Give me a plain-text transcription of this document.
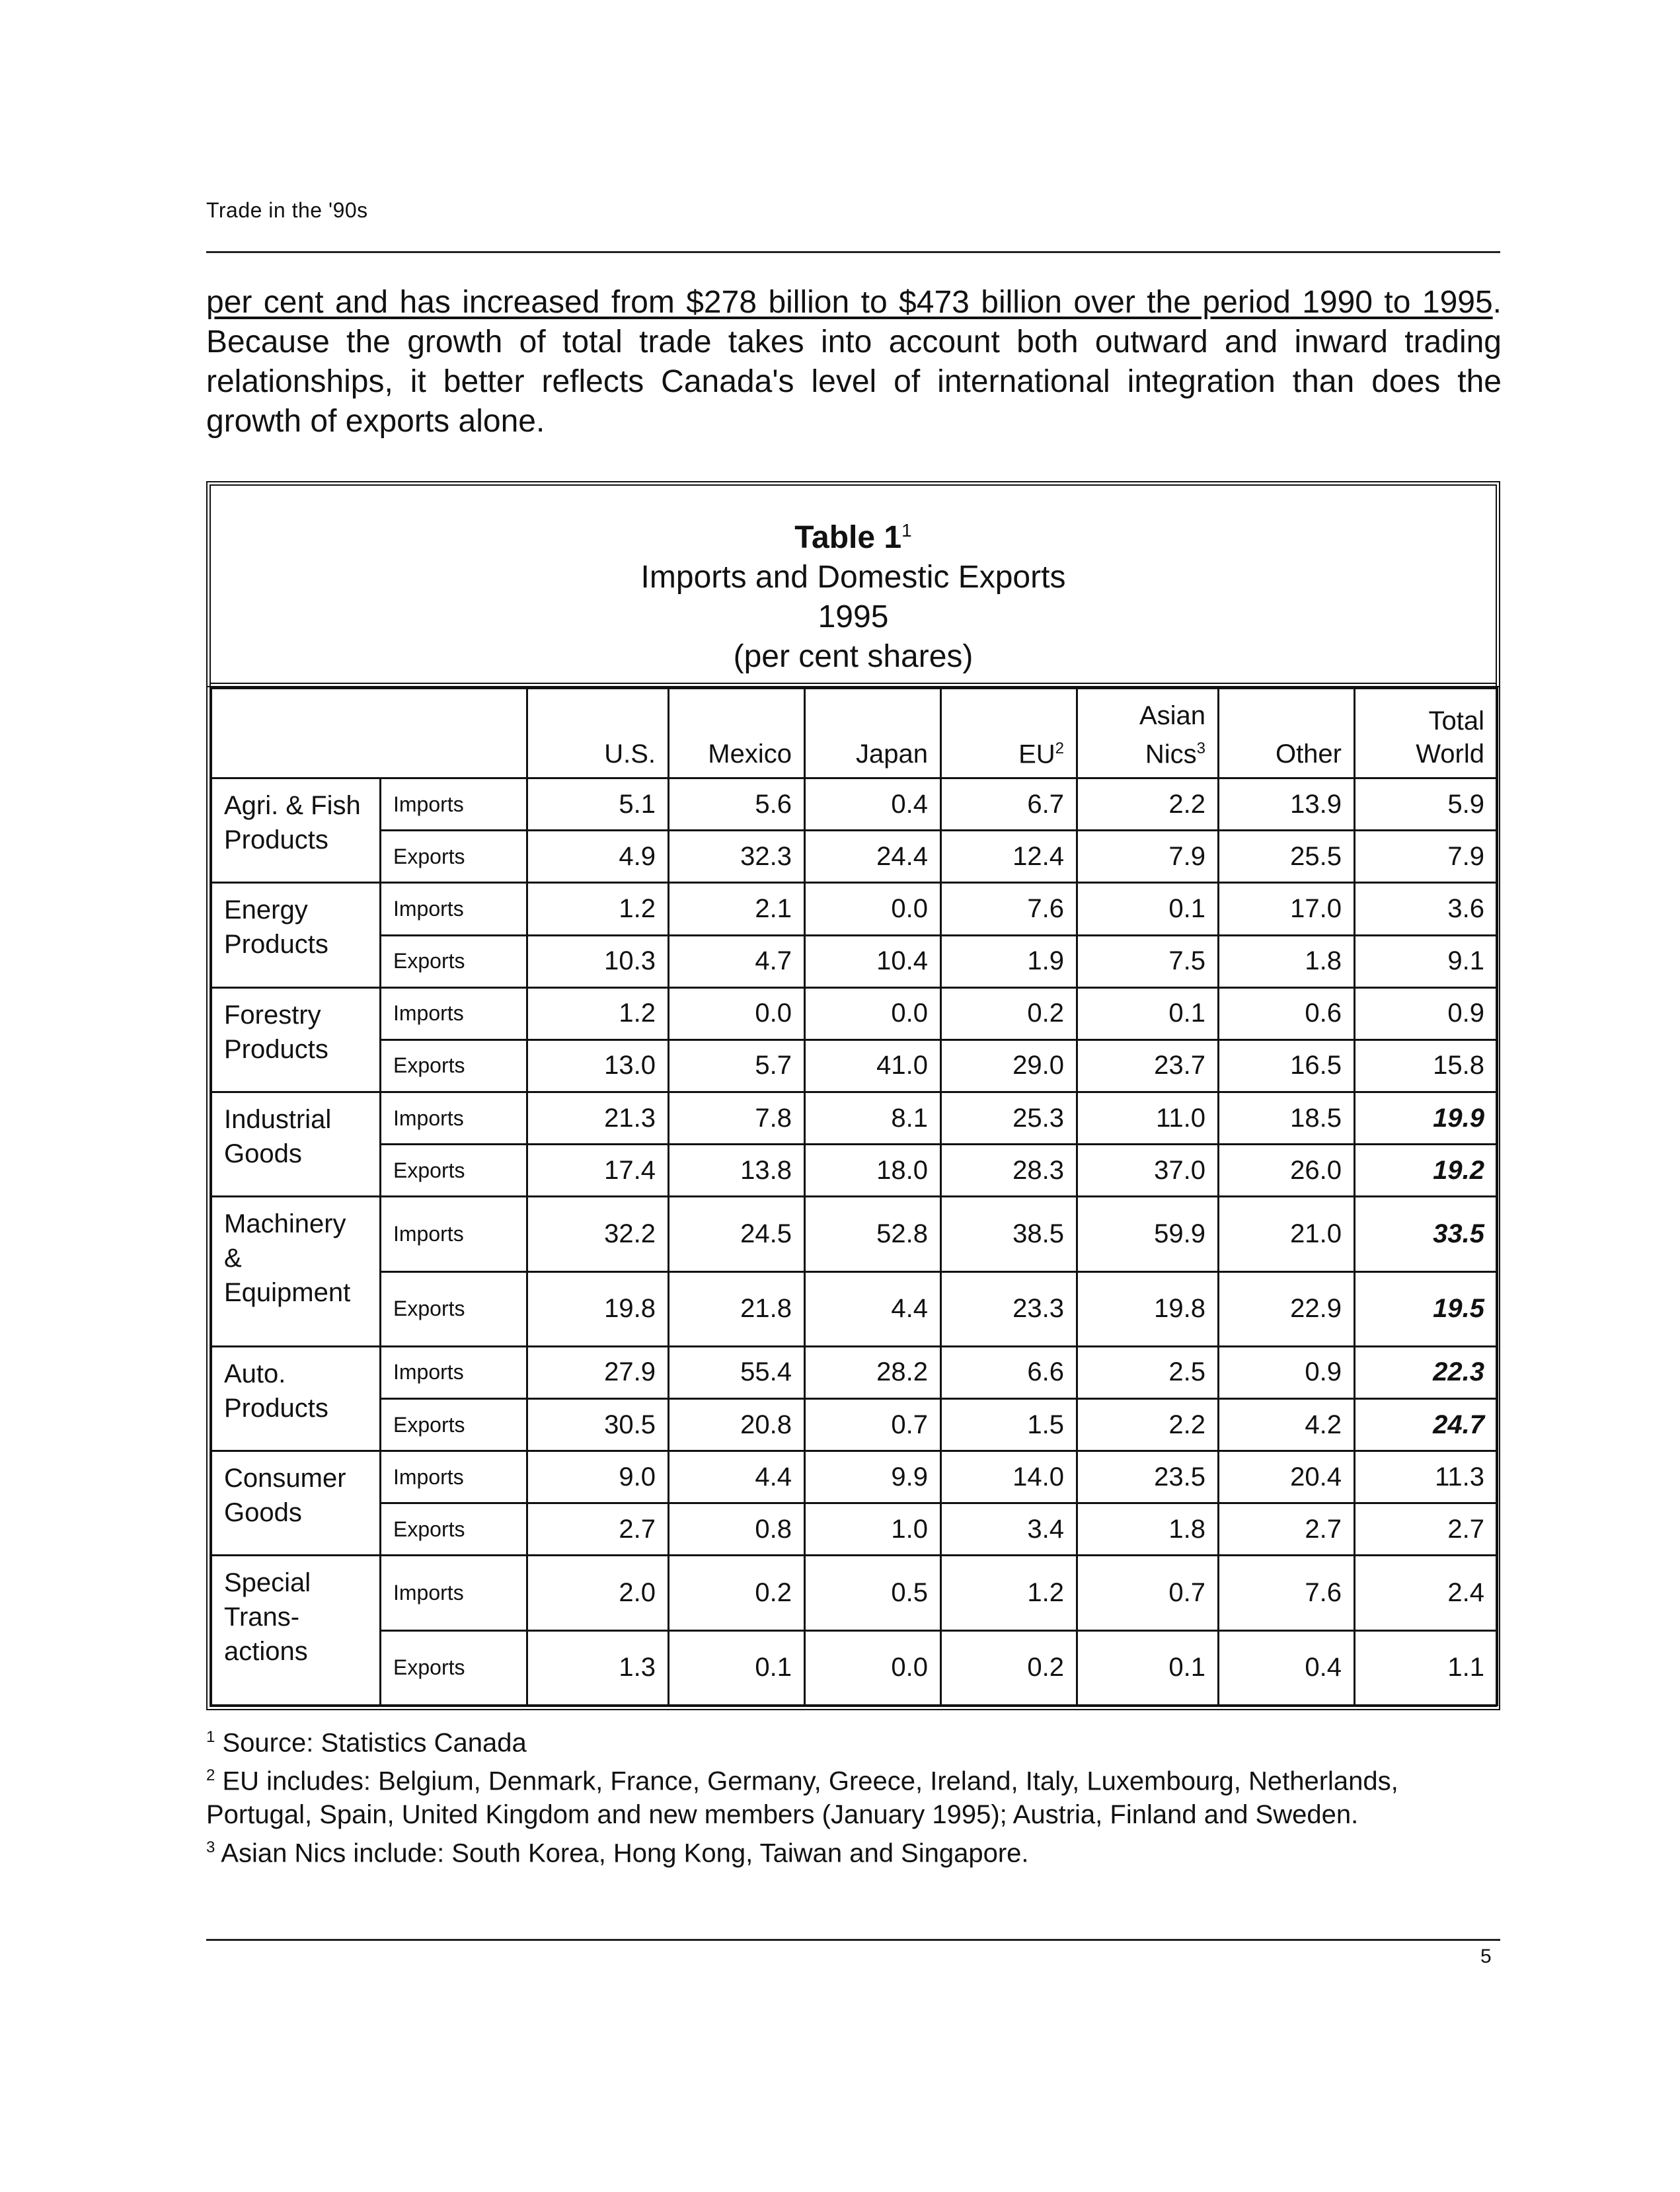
Trade in the '90s

per cent and has increased from $278 billion to $473 billion over the period 1990 to 1995. Because the growth of total trade takes into account both outward and inward trading relationships, it better reflects Canada's level of international integration than does the growth of exports alone.

Table $1^1$
Imports and Domestic Exports
1995
(per cent shares)
		U.S.	Mexico	Japan	$EU^2$	Asian Nics$^3$	Other	Total World
Agri. & Fish Products	Imports	5.1	5.6	0.4	6.7	2.2	13.9	5.9
	Exports	4.9	32.3	24.4	12.4	7.9	25.5	7.9
Energy Products	Imports	1.2	2.1	0.0	7.6	0.1	17.0	3.6
	Exports	10.3	4.7	10.4	1.9	7.5	1.8	9.1
Forestry Products	Imports	1.2	0.0	0.0	0.2	0.1	0.6	0.9
	Exports	13.0	5.7	41.0	29.0	23.7	16.5	15.8
Industrial Goods	Imports	21.3	7.8	8.1	25.3	11.0	18.5	19.9
	Exports	17.4	13.8	18.0	28.3	37.0	26.0	19.2
Machinery & Equipment	Imports	32.2	24.5	52.8	38.5	59.9	21.0	33.5
	Exports	19.8	21.8	4.4	23.3	19.8	22.9	19.5
Auto. Products	Imports	27.9	55.4	28.2	6.6	2.5	0.9	22.3
	Exports	30.5	20.8	0.7	1.5	2.2	4.2	24.7
Consumer Goods	Imports	9.0	4.4	9.9	14.0	23.5	20.4	11.3
	Exports	2.7	0.8	1.0	3.4	1.8	2.7	2.7
Special Trans- actions	Imports	2.0	0.2	0.5	1.2	0.7	7.6	2.4
	Exports	1.3	0.1	0.0	0.2	0.1	0.4	1.1

$^1$ Source: Statistics Canada

$^2$ EU includes: Belgium, Denmark, France, Germany, Greece, Ireland, Italy, Luxembourg, Netherlands, Portugal, Spain, United Kingdom and new members (January 1995); Austria, Finland and Sweden.

$^3$ Asian Nics include: South Korea, Hong Kong, Taiwan and Singapore.

5
